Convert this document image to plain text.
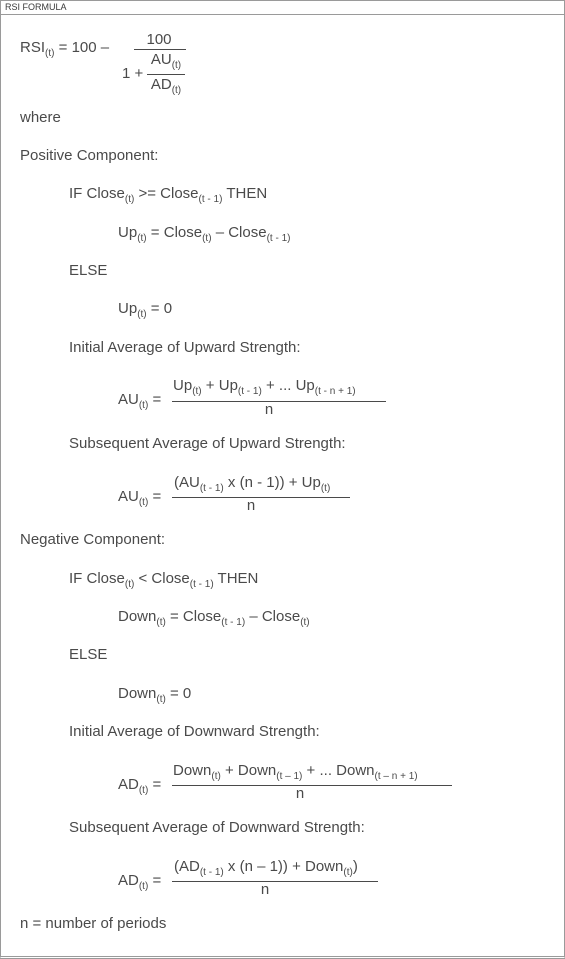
RSI FORMULA
$RSI_{(t)} = 100$ –	100
1 +
$AU_{(t)}$
$AD_{(t)}$
where
Positive Component:
IF Close$_{(t)}$ >= Close$_{(t - 1)}$ THEN
$Up_{(t)}$ = Close$_{(t)}$ – Close$_{(t - 1)}$
ELSE
$Up_{(t)} = 0$
Initial Average of Upward Strength:
$AU_{(t)}$ =
$Up_{(t)} + Up_{(t - 1)}$ + ... $Up_{(t - n + 1)}$
n
Subsequent Average of Upward Strength:
$AU_{(t)}$ =
($AU_{(t - 1)}$ x $(n - 1)) + Up_{(t)}$
n
Negative Component:
IF Close$_{(t)}$ < Close$_{(t - 1)}$ THEN
Down$_{(t)}$ = Close$_{(t - 1)}$ – Close$_{(t)}$
ELSE
Down$_{(t)}$ = 0
Initial Average of Downward Strength:
$AD_{(t)}$ =
Down$_{(t)}$ + Down$_{(t - 1)}$ + ... Down$_{(t - n + 1)}$
n
Subsequent Average of Downward Strength:
$AD_{(t)}$ =
($AD_{(t - 1)}$ x (n – 1)) + Down$_{(t)}$)
n
n = number of periods
